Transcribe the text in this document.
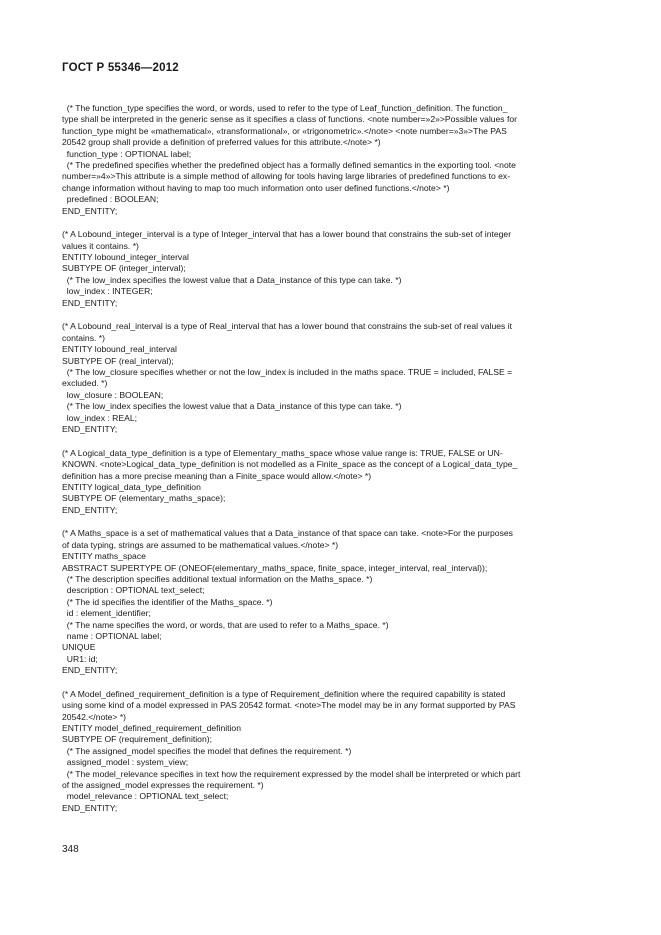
ГОСТ Р 55346—2012
(* The function_type specifies the word, or words, used to refer to the type of Leaf_function_definition. The function_
type shall be interpreted in the generic sense as it specifies a class of functions. <note number=»2»>Possible values for
function_type might be «mathematical», «transformational», or «trigonometric».</note> <note number=»3»>The PAS
20542 group shall provide a definition of preferred values for this attribute.</note> *)
function_type : OPTIONAL label;
(* The predefined specifies whether the predefined object has a formally defined semantics in the exporting tool. <note
number=»4»>This attribute is a simple method of allowing for tools having large libraries of predefined functions to ex-
change information without having to map too much information onto user defined functions.</note> *)
predefined : BOOLEAN;
END_ENTITY;
(* A Lobound_integer_interval is a type of Integer_interval that has a lower bound that constrains the sub-set of integer
values it contains. *)
ENTITY lobound_integer_interval
SUBTYPE OF (integer_interval);
(* The low_index specifies the lowest value that a Data_instance of this type can take. *)
low_index : INTEGER;
END_ENTITY;
(* A Lobound_real_interval is a type of Real_interval that has a lower bound that constrains the sub-set of real values it
contains. *)
ENTITY lobound_real_interval
SUBTYPE OF (real_interval);
(* The low_closure specifies whether or not the low_index is included in the maths space. TRUE = included, FALSE =
excluded. *)
low_closure : BOOLEAN;
(* The low_index specifies the lowest value that a Data_instance of this type can take. *)
low_index : REAL;
END_ENTITY;
(* A Logical_data_type_definition is a type of Elementary_maths_space whose value range is: TRUE, FALSE or UN-
KNOWN. <note>Logical_data_type_definition is not modelled as a Finite_space as the concept of a Logical_data_type_
definition has a more precise meaning than a Finite_space would allow.</note> *)
ENTITY logical_data_type_definition
SUBTYPE OF (elementary_maths_space);
END_ENTITY;
(* A Maths_space is a set of mathematical values that a Data_instance of that space can take. <note>For the purposes
of data typing, strings are assumed to be mathematical values.</note> *)
ENTITY maths_space
ABSTRACT SUPERTYPE OF (ONEOF(elementary_maths_space, finite_space, integer_interval, real_interval));
(* The description specifies additional textual information on the Maths_space. *)
description : OPTIONAL text_select;
(* The id specifies the identifier of the Maths_space. *)
id : element_identifier;
(* The name specifies the word, or words, that are used to refer to a Maths_space. *)
name : OPTIONAL label;
UNIQUE
UR1: id;
END_ENTITY;
(* A Model_defined_requirement_definition is a type of Requirement_definition where the required capability is stated
using some kind of a model expressed in PAS 20542 format. <note>The model may be in any format supported by PAS
20542.</note> *)
ENTITY model_defined_requirement_definition
SUBTYPE OF (requirement_definition);
(* The assigned_model specifies the model that defines the requirement. *)
assigned_model : system_view;
(* The model_relevance specifies in text how the requirement expressed by the model shall be interpreted or which part
of the assigned_model expresses the requirement. *)
model_relevance : OPTIONAL text_select;
END_ENTITY;
348
